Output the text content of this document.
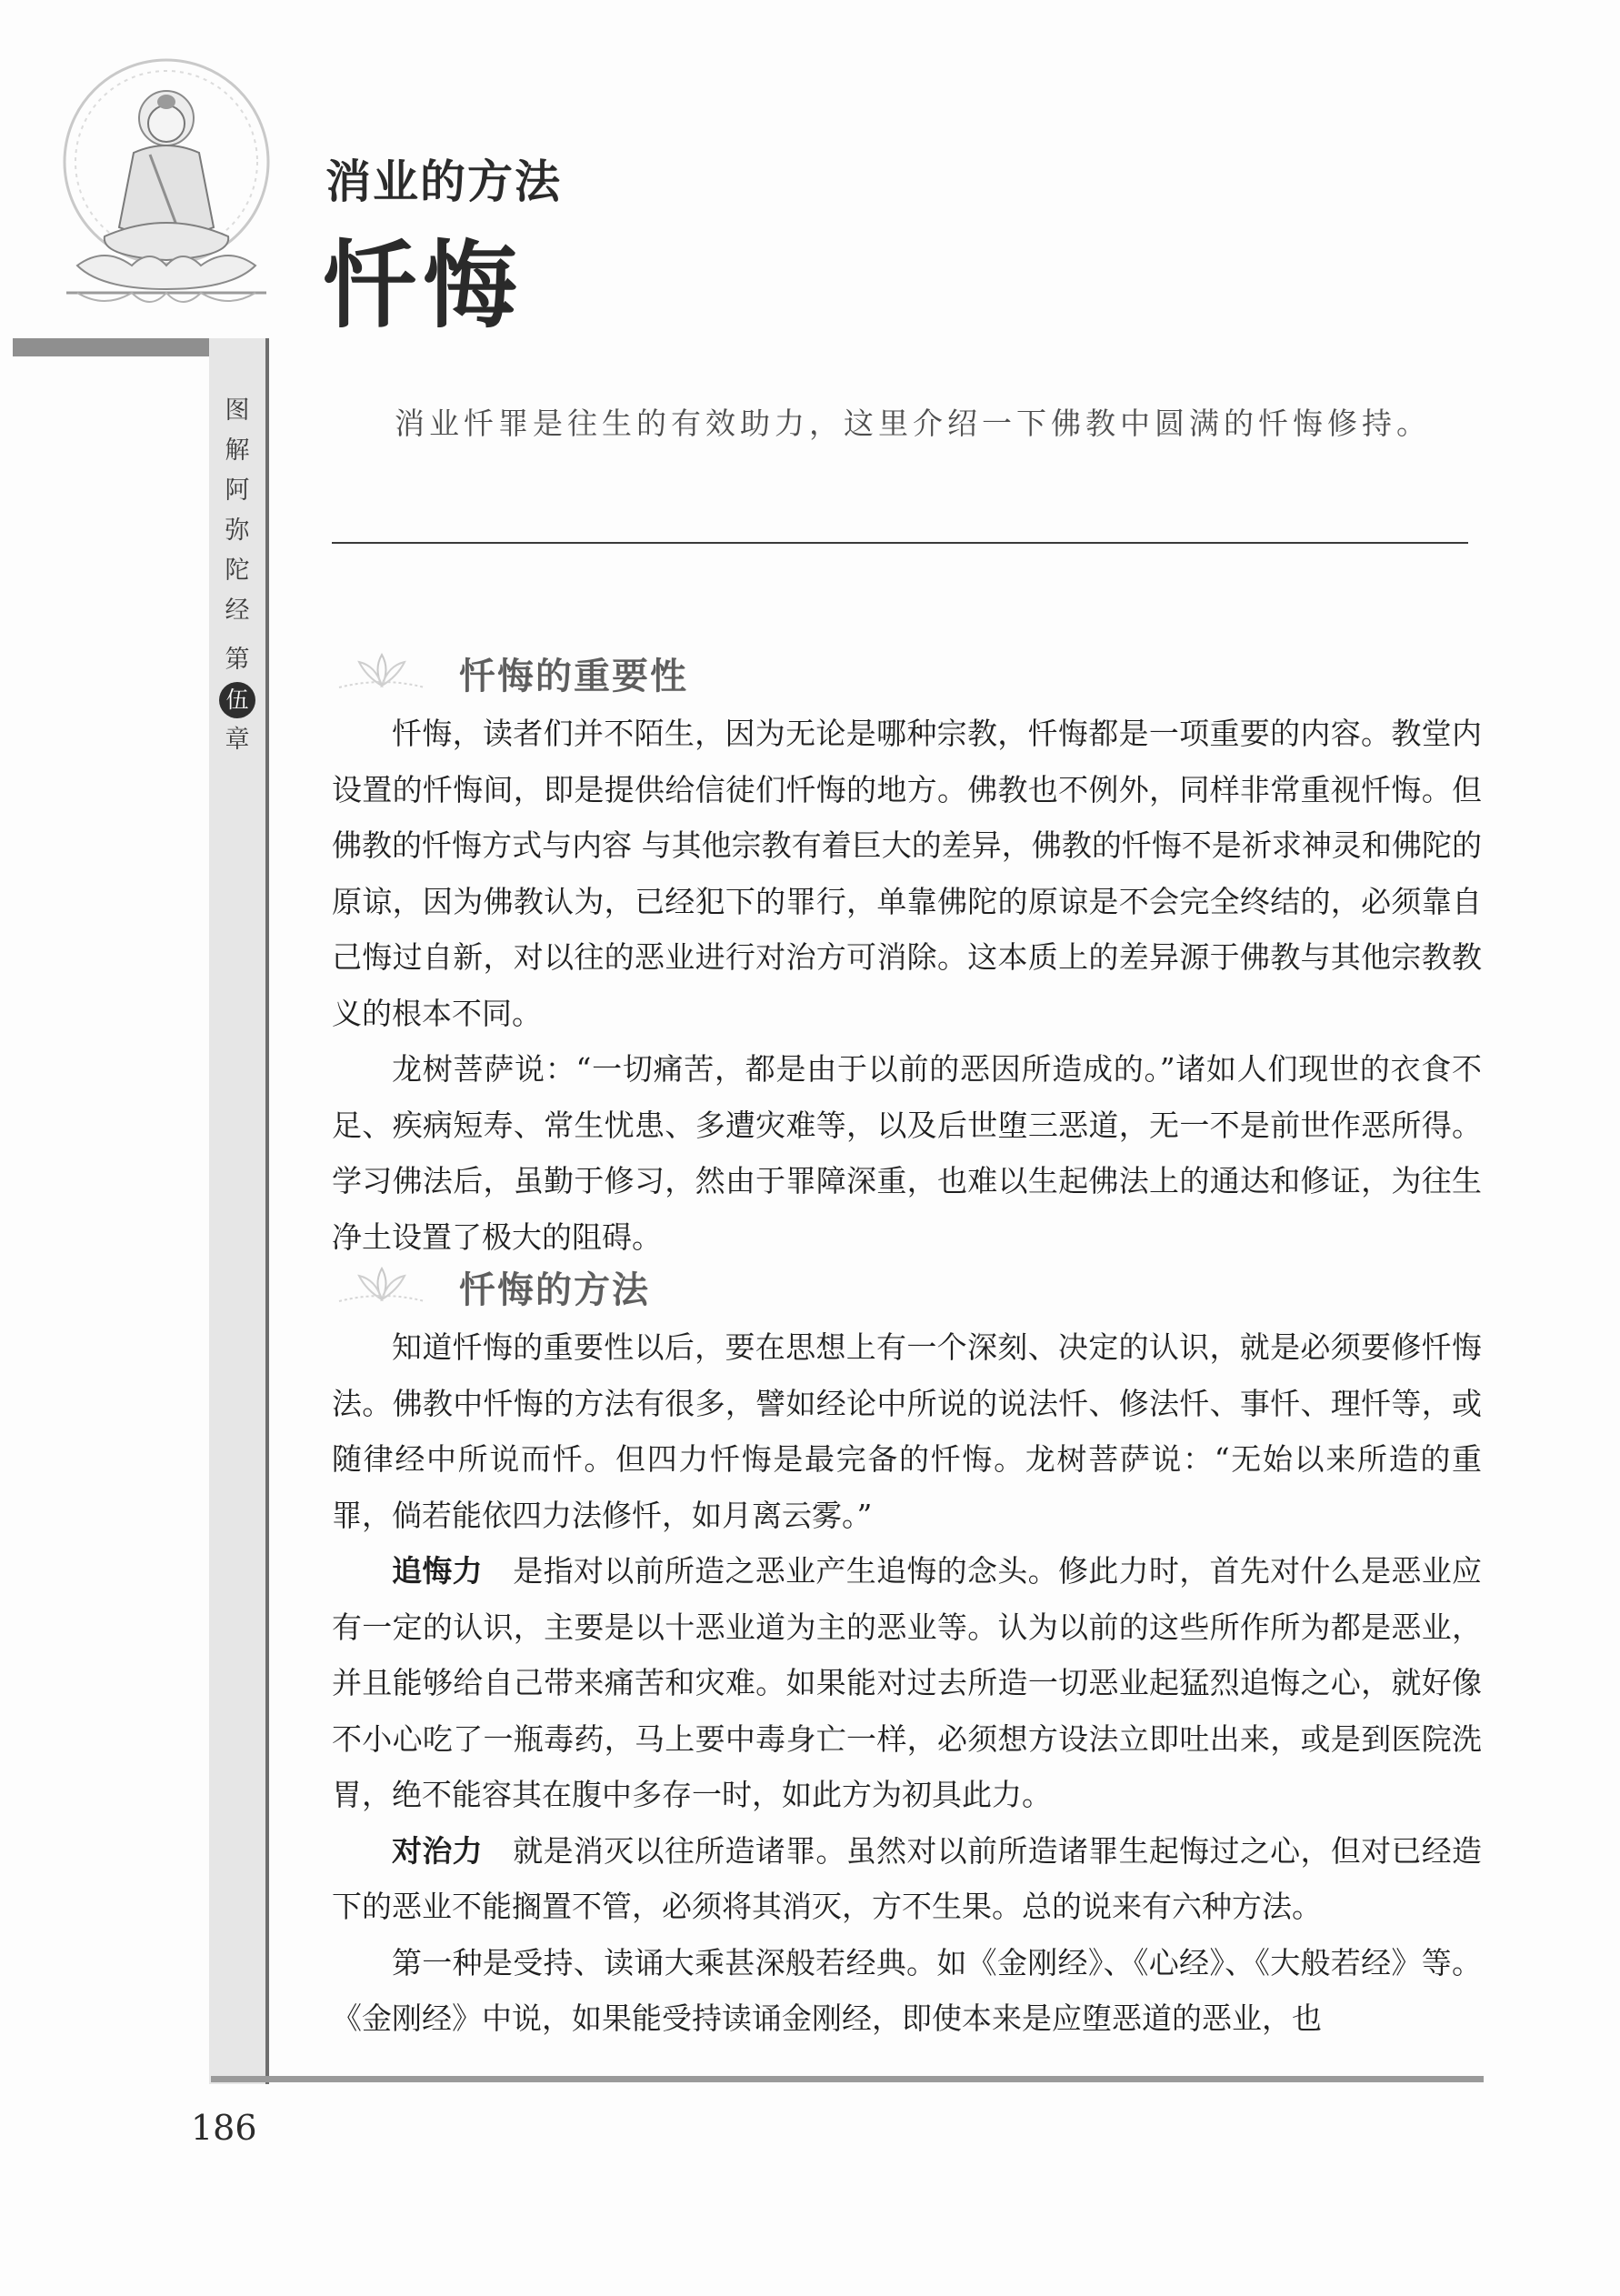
消业的方法
忏悔
图
解
阿
弥
陀
经
第
伍
章
消业忏罪是往生的有效助力，这里介绍一下佛教中圆满的忏悔修持。
忏悔的重要性

忏悔，读者们并不陌生，因为无论是哪种宗教，忏悔都是一项重要的内容。教堂内设置的忏悔间，即是提供给信徒们忏悔的地方。佛教也不例外，同样非常重视忏悔。但佛教的忏悔方式与内容 与其他宗教有着巨大的差异，佛教的忏悔不是祈求神灵和佛陀的原谅，因为佛教认为，已经犯下的罪行，单靠佛陀的原谅是不会完全终结的，必须靠自己悔过自新，对以往的恶业进行对治方可消除。这本质上的差异源于佛教与其他宗教教义的根本不同。

龙树菩萨说：“一切痛苦，都是由于以前的恶因所造成的。”诸如人们现世的衣食不足、疾病短寿、常生忧患、多遭灾难等，以及后世堕三恶道，无一不是前世作恶所得。学习佛法后，虽勤于修习，然由于罪障深重，也难以生起佛法上的通达和修证，为往生净土设置了极大的阻碍。

忏悔的方法

知道忏悔的重要性以后，要在思想上有一个深刻、决定的认识，就是必须要修忏悔法。佛教中忏悔的方法有很多，譬如经论中所说的说法忏、修法忏、事忏、理忏等，或随律经中所说而忏。但四力忏悔是最完备的忏悔。龙树菩萨说：“无始以来所造的重罪，倘若能依四力法修忏，如月离云雾。”

追悔力　 是指对以前所造之恶业产生追悔的念头。修此力时，首先对什么是恶业应有一定的认识，主要是以十恶业道为主的恶业等。认为以前的这些所作所为都是恶业，并且能够给自己带来痛苦和灾难。如果能对过去所造一切恶业起猛烈追悔之心，就好像不小心吃了一瓶毒药，马上要中毒身亡一样，必须想方设法立即吐出来，或是到医院洗胃，绝不能容其在腹中多存一时，如此方为初具此力。

对治力　 就是消灭以往所造诸罪。虽然对以前所造诸罪生起悔过之心，但对已经造下的恶业不能搁置不管，必须将其消灭，方不生果。总的说来有六种方法。

第一种是受持、读诵大乘甚深般若经典。如《金刚经》、《心经》、《大般若经》等。《金刚经》中说，如果能受持读诵金刚经，即使本来是应堕恶道的恶业，也

186
